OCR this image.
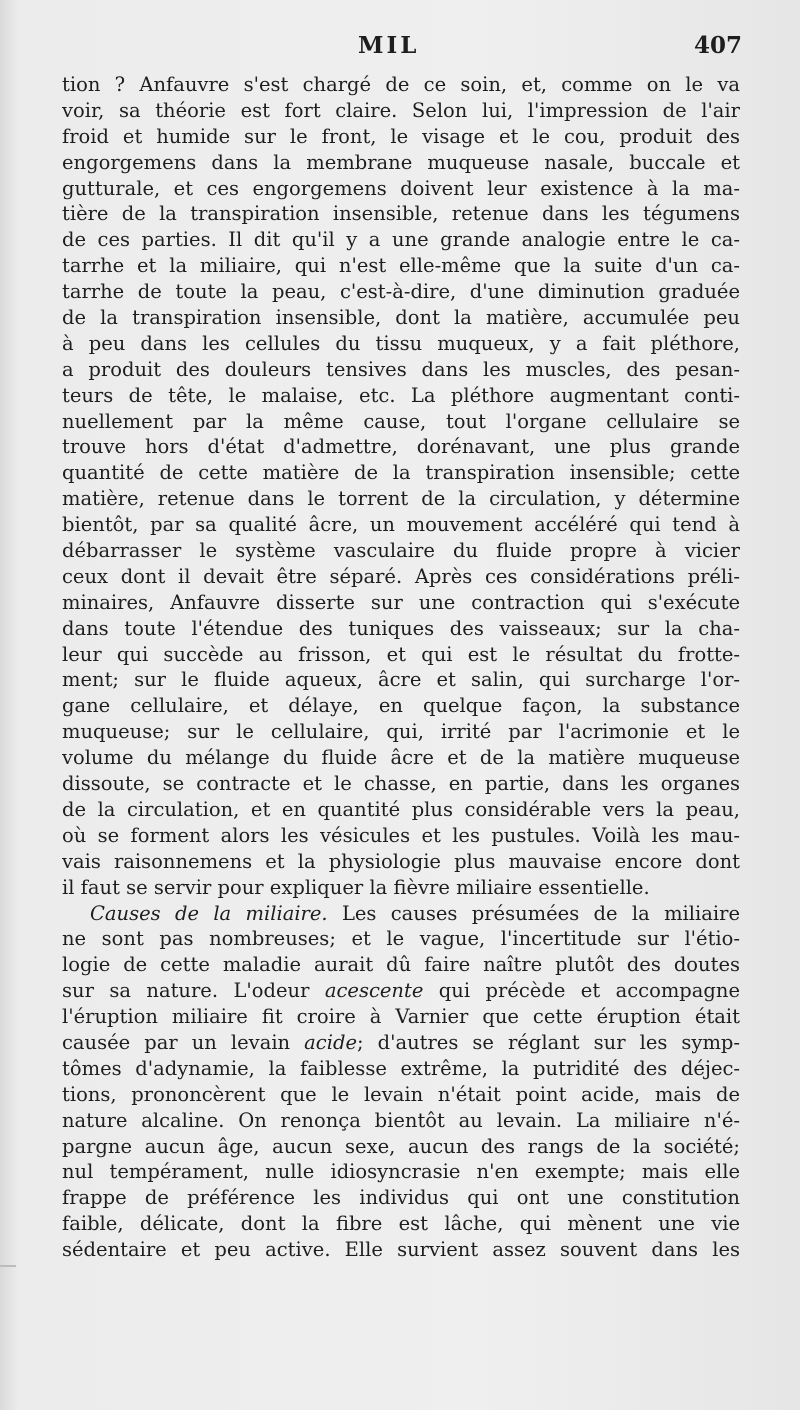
MIL	407
tion ? Anfauvre s'est chargé de ce soin, et, comme on le va
voir, sa théorie est fort claire. Selon lui, l'impression de l'air
froid et humide sur le front, le visage et le cou, produit des
engorgemens dans la membrane muqueuse nasale, buccale et
gutturale, et ces engorgemens doivent leur existence à la ma-
tière de la transpiration insensible, retenue dans les tégumens
de ces parties. Il dit qu'il y a une grande analogie entre le ca-
tarrhe et la miliaire, qui n'est elle-même que la suite d'un ca-
tarrhe de toute la peau, c'est-à-dire, d'une diminution graduée
de la transpiration insensible, dont la matière, accumulée peu
à peu dans les cellules du tissu muqueux, y a fait pléthore,
a produit des douleurs tensives dans les muscles, des pesan-
teurs de tête, le malaise, etc. La pléthore augmentant conti-
nuellement par la même cause, tout l'organe cellulaire se
trouve hors d'état d'admettre, dorénavant, une plus grande
quantité de cette matière de la transpiration insensible; cette
matière, retenue dans le torrent de la circulation, y détermine
bientôt, par sa qualité âcre, un mouvement accéléré qui tend à
débarrasser le système vasculaire du fluide propre à vicier
ceux dont il devait être séparé. Après ces considérations préli-
minaires, Anfauvre disserte sur une contraction qui s'exécute
dans toute l'étendue des tuniques des vaisseaux; sur la cha-
leur qui succède au frisson, et qui est le résultat du frotte-
ment; sur le fluide aqueux, âcre et salin, qui surcharge l'or-
gane cellulaire, et délaye, en quelque façon, la substance
muqueuse; sur le cellulaire, qui, irrité par l'acrimonie et le
volume du mélange du fluide âcre et de la matière muqueuse
dissoute, se contracte et le chasse, en partie, dans les organes
de la circulation, et en quantité plus considérable vers la peau,
où se forment alors les vésicules et les pustules. Voilà les mau-
vais raisonnemens et la physiologie plus mauvaise encore dont
il faut se servir pour expliquer la fièvre miliaire essentielle.
Causes de la miliaire. Les causes présumées de la miliaire
ne sont pas nombreuses; et le vague, l'incertitude sur l'étio-
logie de cette maladie aurait dû faire naître plutôt des doutes
sur sa nature. L'odeur acescente qui précède et accompagne
l'éruption miliaire fit croire à Varnier que cette éruption était
causée par un levain acide; d'autres se réglant sur les symp-
tômes d'adynamie, la faiblesse extrême, la putridité des déjec-
tions, prononcèrent que le levain n'était point acide, mais de
nature alcaline. On renonça bientôt au levain. La miliaire n'é-
pargne aucun âge, aucun sexe, aucun des rangs de la société;
nul tempérament, nulle idiosyncrasie n'en exempte; mais elle
frappe de préférence les individus qui ont une constitution
faible, délicate, dont la fibre est lâche, qui mènent une vie
sédentaire et peu active. Elle survient assez souvent dans les
